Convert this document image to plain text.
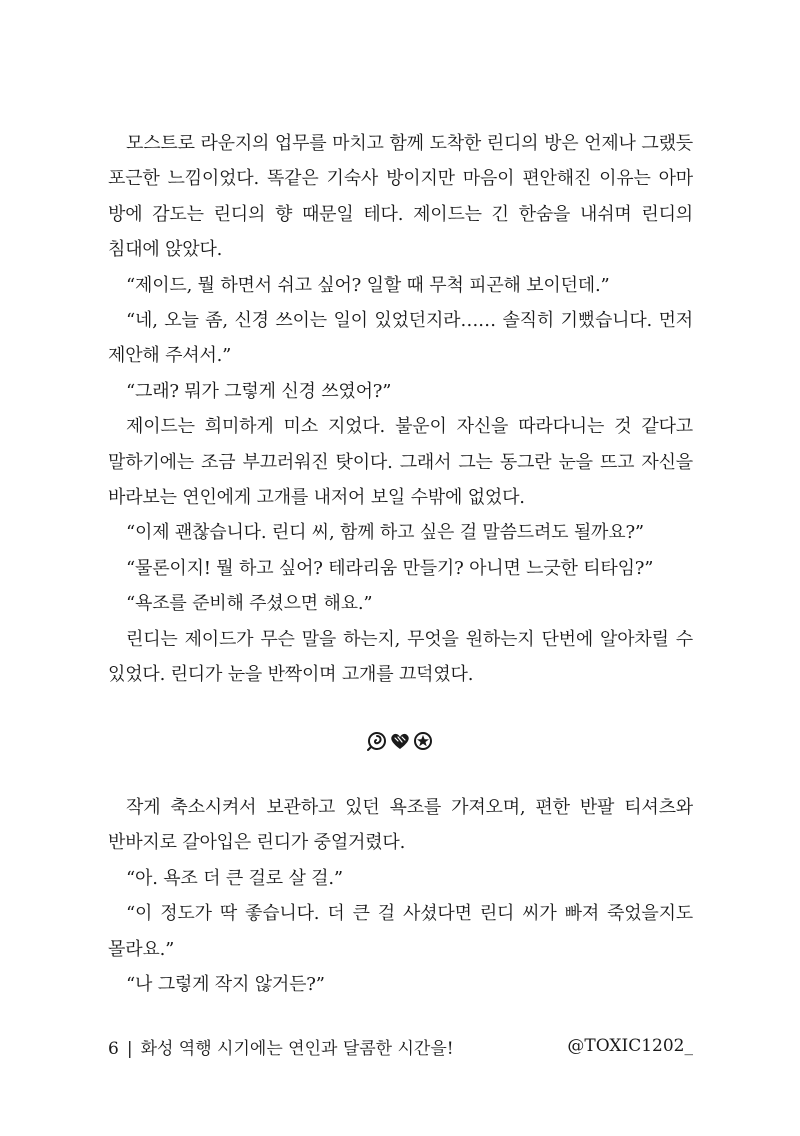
모스트로 라운지의 업무를 마치고 함께 도착한 린디의 방은 언제나 그랬듯 포근한 느낌이었다. 똑같은 기숙사 방이지만 마음이 편안해진 이유는 아마 방에 감도는 린디의 향 때문일 테다. 제이드는 긴 한숨을 내쉬며 린디의 침대에 앉았다.

“제이드, 뭘 하면서 쉬고 싶어? 일할 때 무척 피곤해 보이던데.”

“네, 오늘 좀, 신경 쓰이는 일이 있었던지라…… 솔직히 기뻤습니다. 먼저 제안해 주셔서.”

“그래? 뭐가 그렇게 신경 쓰였어?”

제이드는 희미하게 미소 지었다. 불운이 자신을 따라다니는 것 같다고 말하기에는 조금 부끄러워진 탓이다. 그래서 그는 동그란 눈을 뜨고 자신을 바라보는 연인에게 고개를 내저어 보일 수밖에 없었다.

“이제 괜찮습니다. 린디 씨, 함께 하고 싶은 걸 말씀드려도 될까요?”

“물론이지! 뭘 하고 싶어? 테라리움 만들기? 아니면 느긋한 티타임?”

“욕조를 준비해 주셨으면 해요.”

린디는 제이드가 무슨 말을 하는지, 무엇을 원하는지 단번에 알아차릴 수 있었다. 린디가 눈을 반짝이며 고개를 끄덕였다.

작게 축소시켜서 보관하고 있던 욕조를 가져오며, 편한 반팔 티셔츠와 반바지로 갈아입은 린디가 중얼거렸다.

“아. 욕조 더 큰 걸로 살 걸.”

“이 정도가 딱 좋습니다. 더 큰 걸 사셨다면 린디 씨가 빠져 죽었을지도 몰라요.”

“나 그렇게 작지 않거든?”

6 | 화성 역행 시기에는 연인과 달콤한 시간을!	@TOXIC1202_
